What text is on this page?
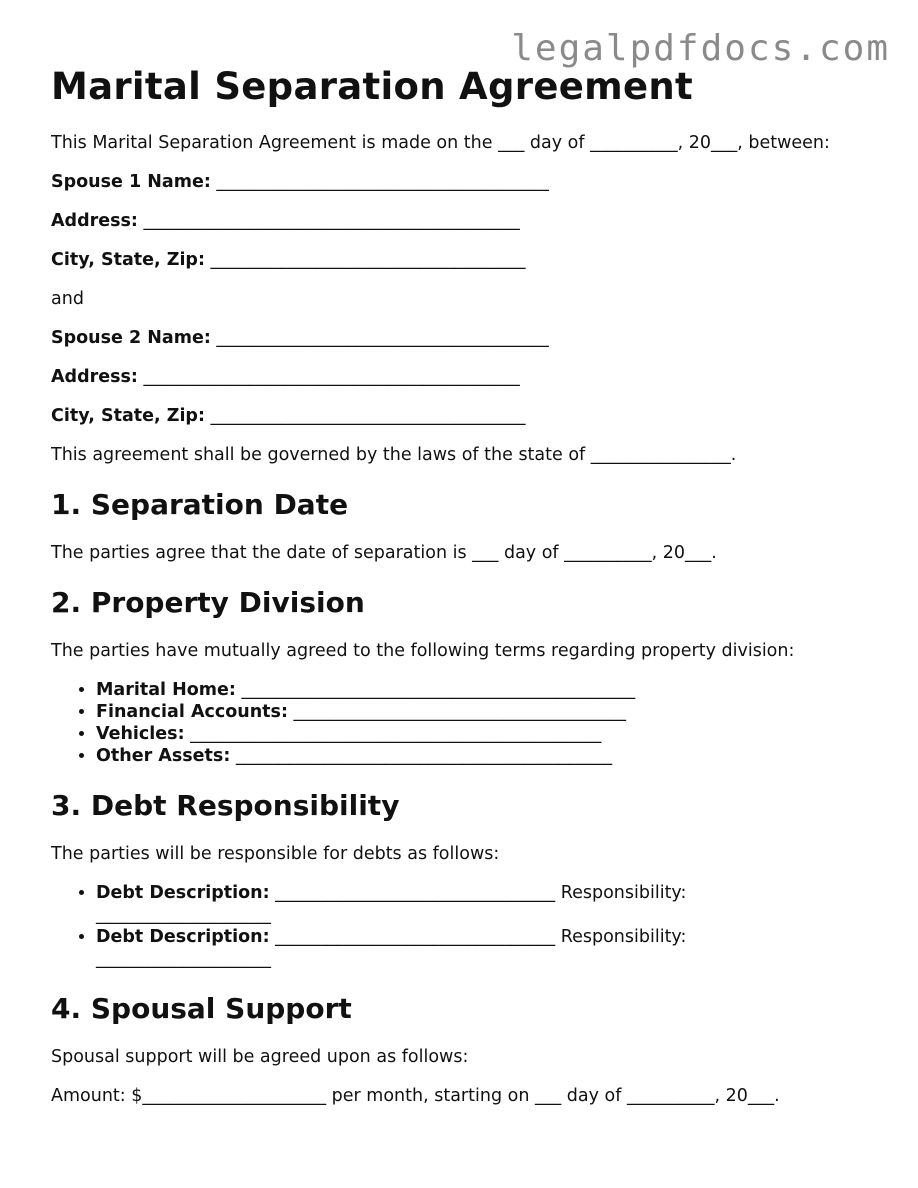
legalpdfdocs.com
Marital Separation Agreement

This Marital Separation Agreement is made on the ___ day of __________, 20___, between:

Spouse 1 Name: ______________________________________

Address: ___________________________________________

City, State, Zip: ____________________________________

and

Spouse 2 Name: ______________________________________

Address: ___________________________________________

City, State, Zip: ____________________________________

This agreement shall be governed by the laws of the state of ________________.

1. Separation Date

The parties agree that the date of separation is ___ day of __________, 20___.

2. Property Division

The parties have mutually agreed to the following terms regarding property division:

• Marital Home: _____________________________________________
• Financial Accounts: ______________________________________
• Vehicles: _______________________________________________
• Other Assets: ___________________________________________
3. Debt Responsibility

The parties will be responsible for debts as follows:

• Debt Description: ________________________________ Responsibility: ____________________
• Debt Description: ________________________________ Responsibility: ____________________
4. Spousal Support

Spousal support will be agreed upon as follows:

Amount: $_____________________ per month, starting on ___ day of __________, 20___.
